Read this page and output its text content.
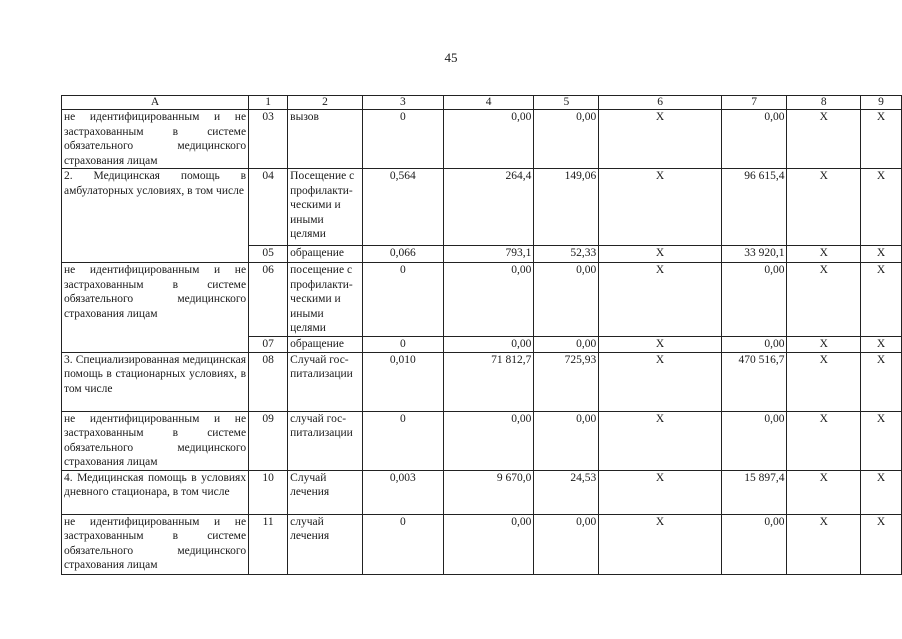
45
А	1	2	3	4	5	6	7	8	9
не идентифицированным и не застрахованным в системе обязательного медицинского страхования лицам	03	вызов	0	0,00	0,00	Х	0,00	Х	Х
2. Медицинская помощь в амбулаторных условиях, в том числе	04	Посещение с профилакти-ческими и иными целями	0,564	264,4	149,06	Х	96 615,4	Х	Х
	05	обращение	0,066	793,1	52,33	Х	33 920,1	Х	Х
не идентифицированным и не застрахованным в системе обязательного медицинского страхования лицам	06	посещение с профилакти-ческими и иными целями	0	0,00	0,00	Х	0,00	Х	Х
	07	обращение	0	0,00	0,00	Х	0,00	Х	Х
3. Специализированная медицинская помощь в стационарных условиях, в том числе	08	Случай гос-питализации	0,010	71 812,7	725,93	Х	470 516,7	Х	Х
не идентифицированным и не застрахованным в системе обязательного медицинского страхования лицам	09	случай гос-питализации	0	0,00	0,00	Х	0,00	Х	Х
4. Медицинская помощь в условиях дневного стационара, в том числе	10	Случай лечения	0,003	9 670,0	24,53	Х	15 897,4	Х	Х
не идентифицированным и не застрахованным в системе обязательного медицинского страхования лицам	11	случай лечения	0	0,00	0,00	Х	0,00	Х	Х
